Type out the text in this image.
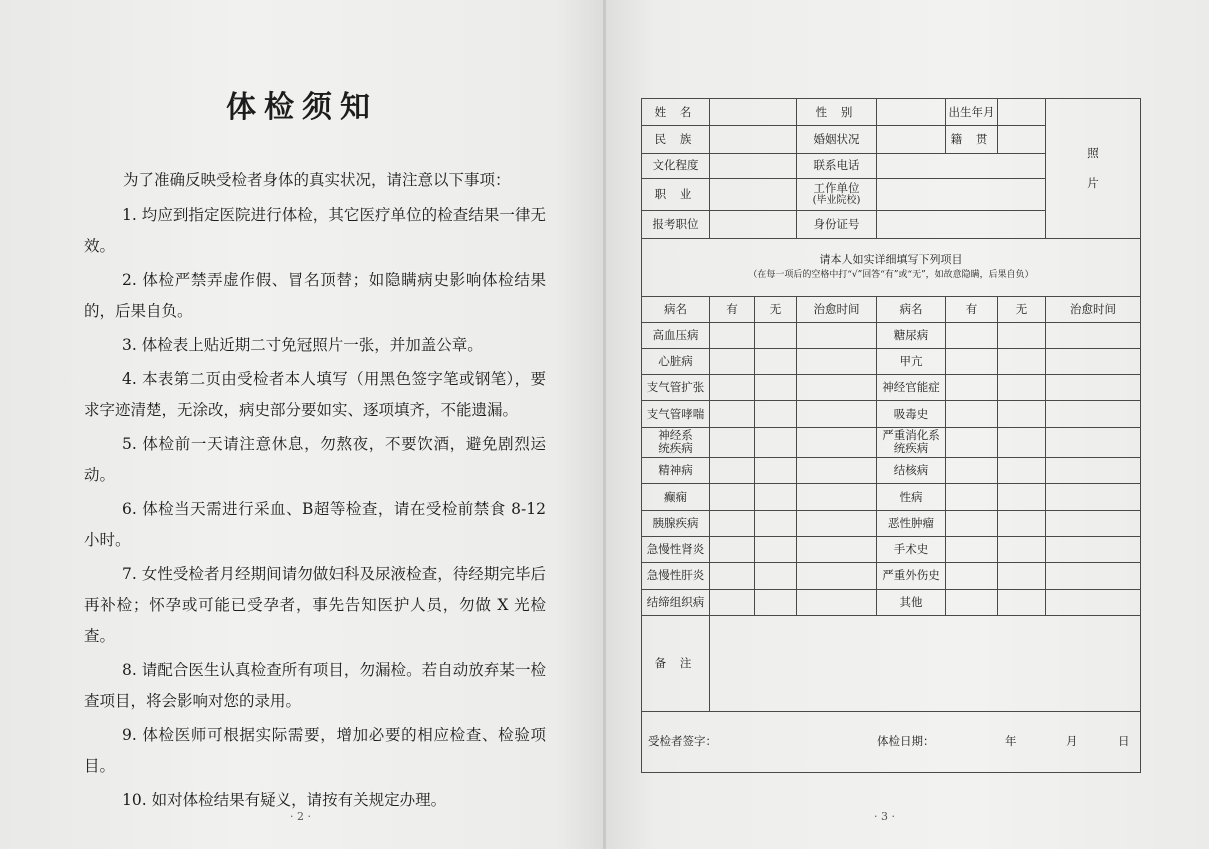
体检须知
为了准确反映受检者身体的真实状况，请注意以下事项：
1. 均应到指定医院进行体检，其它医疗单位的检查结果一律无效。
2. 体检严禁弄虚作假、冒名顶替；如隐瞒病史影响体检结果的，后果自负。
3. 体检表上贴近期二寸免冠照片一张，并加盖公章。
4. 本表第二页由受检者本人填写（用黑色签字笔或钢笔），要求字迹清楚，无涂改，病史部分要如实、逐项填齐，不能遗漏。
5. 体检前一天请注意休息，勿熬夜，不要饮酒，避免剧烈运动。
6. 体检当天需进行采血、B超等检查，请在受检前禁食 8-12 小时。
7. 女性受检者月经期间请勿做妇科及尿液检查，待经期完毕后再补检；怀孕或可能已受孕者，事先告知医护人员，勿做 X 光检查。
8. 请配合医生认真检查所有项目，勿漏检。若自动放弃某一检查项目，将会影响对您的录用。
9. 体检医师可根据实际需要，增加必要的相应检查、检验项目。
10. 如对体检结果有疑义，请按有关规定办理。
· 2 ·	· 3 ·
姓 名			性 别		出生年月		照
片

民 族			婚姻状况		籍 贯		
文化程度			联系电话				
职 业			工作单位
(毕业院校)				

报考职位			身份证号				

请本人如实详细填写下列项目
（在每一项后的空格中打“√”回答“有”或“无”，如故意隐瞒，后果自负）							

病名	有	无	治愈时间	病名	有	无	治愈时间
高血压病				糖尿病			
心脏病				甲亢			
支气管扩张				神经官能症			
支气管哮喘				吸毒史			
神经系统疾病				严重消化系统疾病			
精神病				结核病			
癫痫				性病			
胰腺疾病				恶性肿瘤			
急慢性肾炎				手术史			
急慢性肝炎				严重外伤史			
结缔组织病				其他			
备 注							

受检者签字： 体检日期： 年 月 日							
